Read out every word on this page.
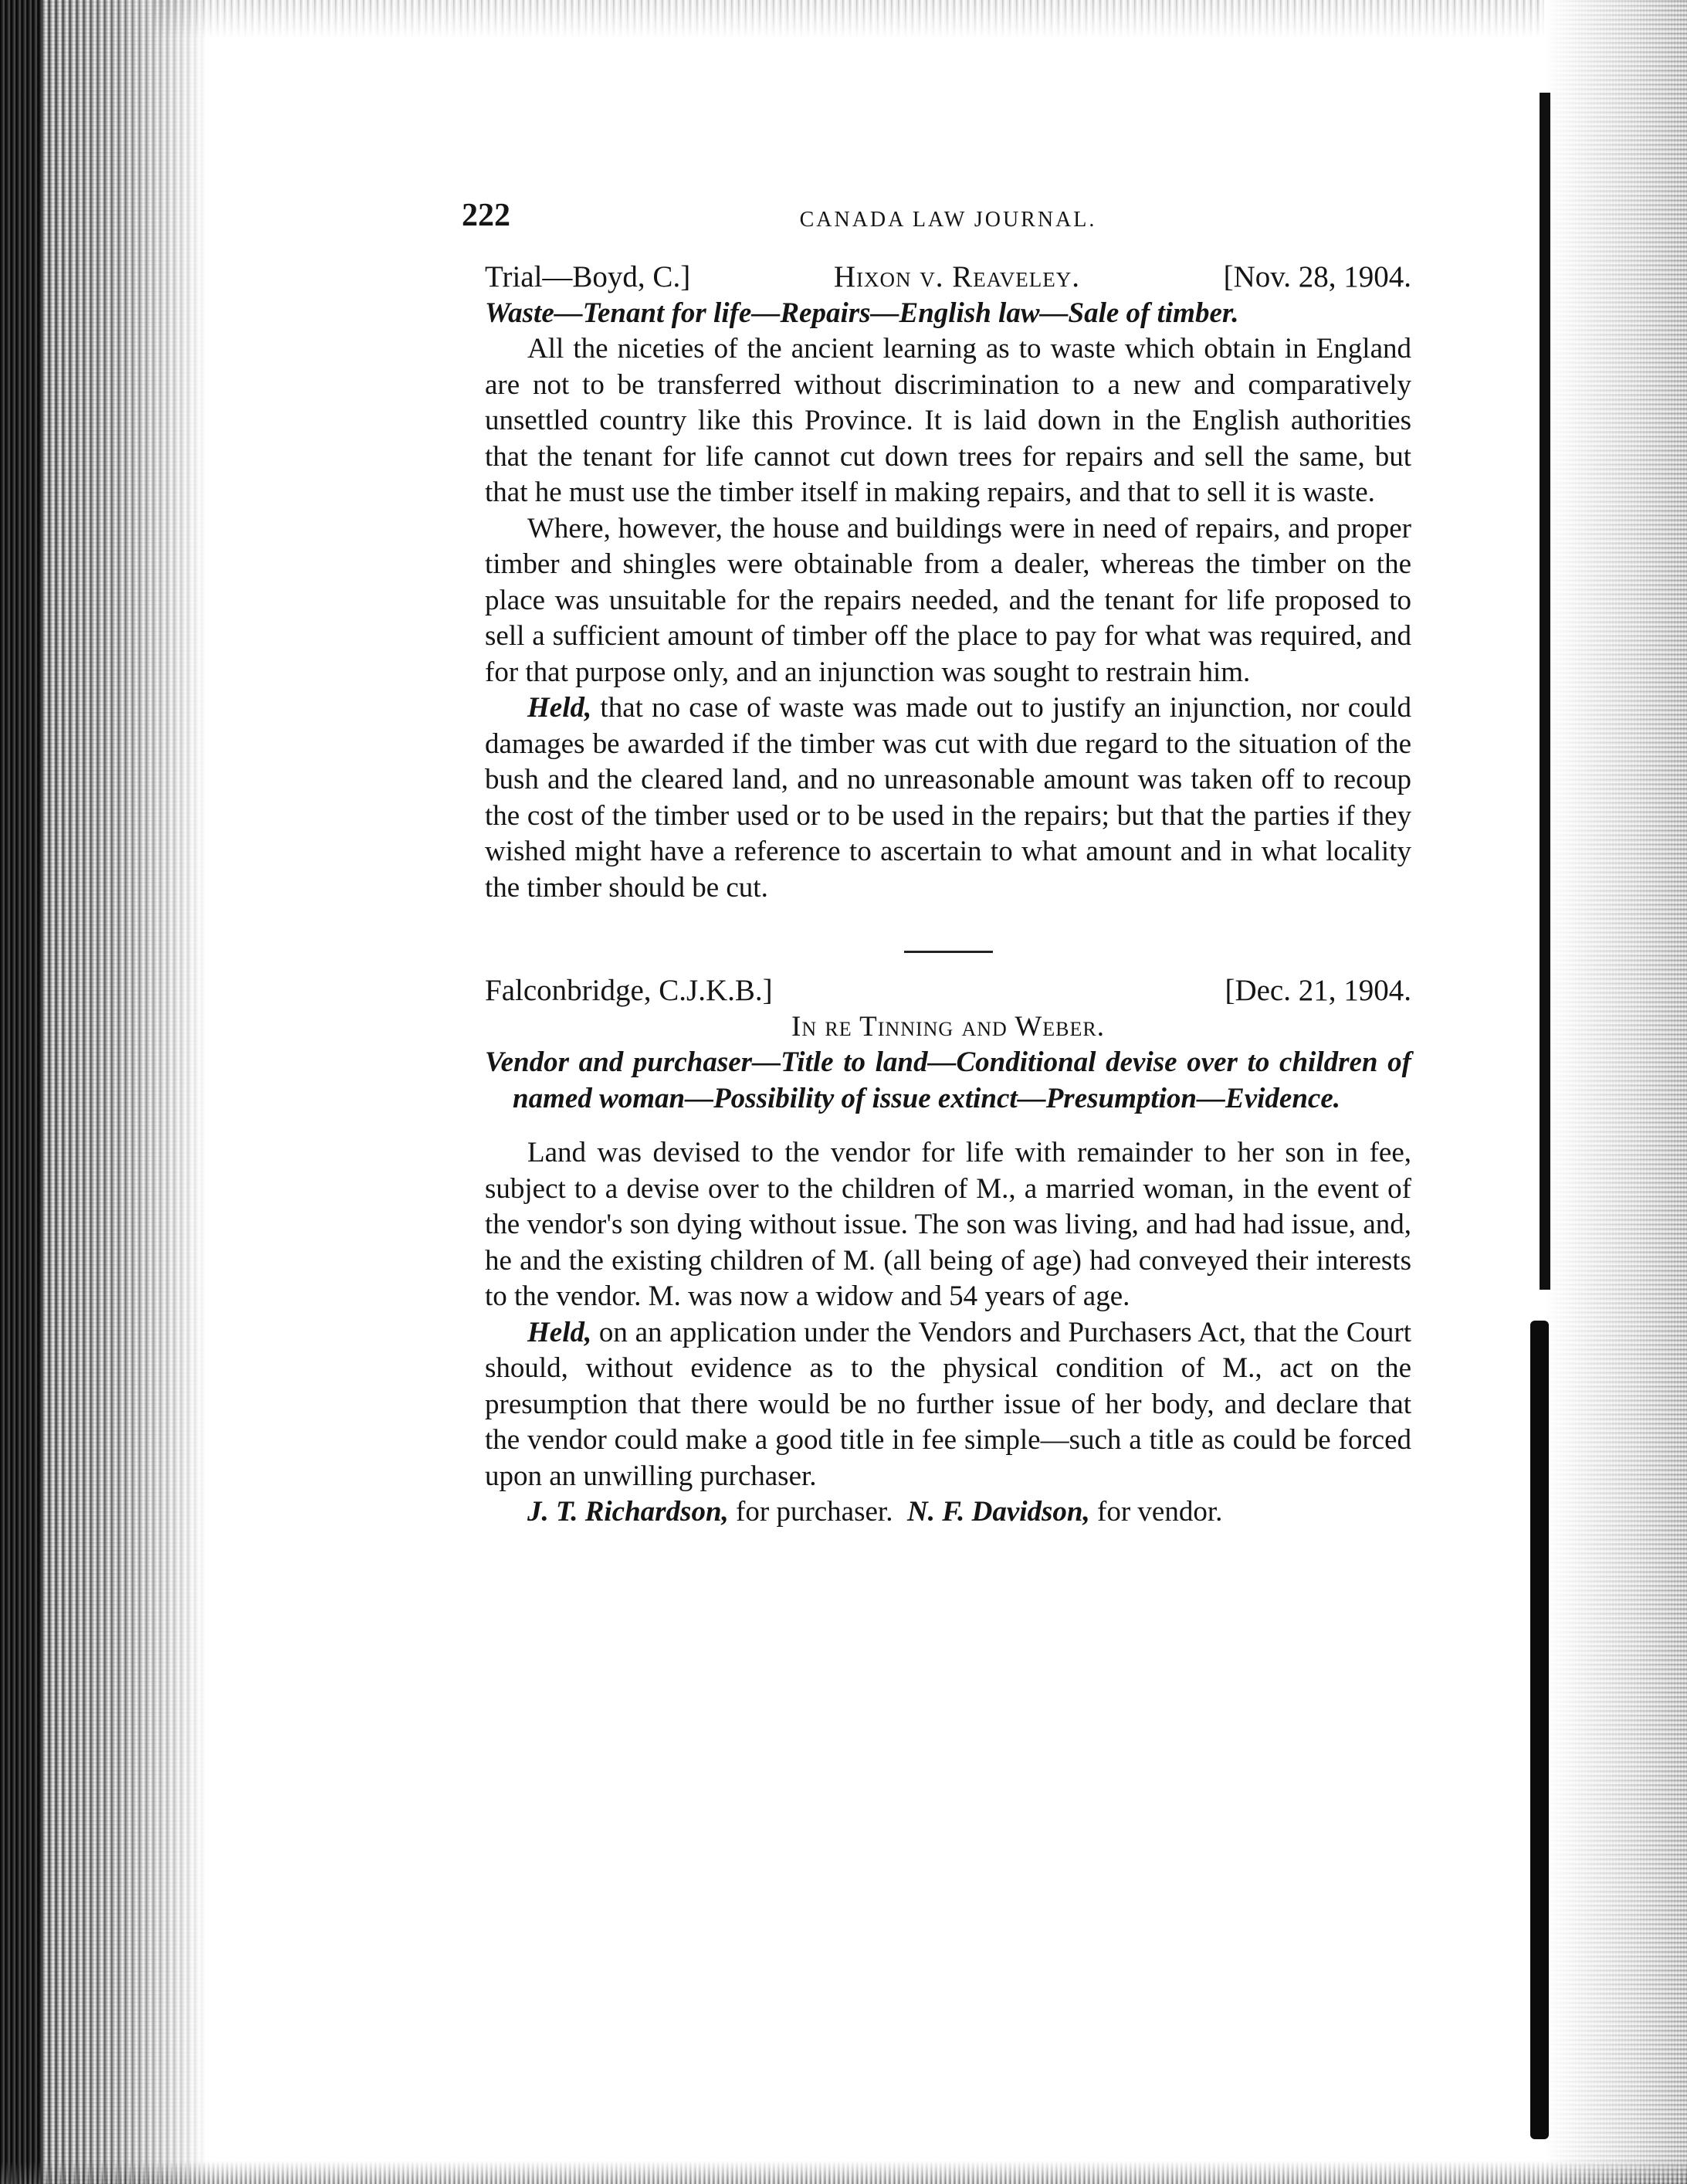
222	CANADA LAW JOURNAL.
Trial—Boyd, C.]	Hixon v. Reaveley.	[Nov. 28, 1904.

Waste—Tenant for life—Repairs—English law—Sale of timber.

All the niceties of the ancient learning as to waste which obtain in England are not to be transferred without discrimination to a new and comparatively unsettled country like this Province. It is laid down in the English authorities that the tenant for life cannot cut down trees for repairs and sell the same, but that he must use the timber itself in making repairs, and that to sell it is waste.

Where, however, the house and buildings were in need of repairs, and proper timber and shingles were obtainable from a dealer, whereas the timber on the place was unsuitable for the repairs needed, and the tenant for life proposed to sell a sufficient amount of timber off the place to pay for what was required, and for that purpose only, and an injunction was sought to restrain him.

Held, that no case of waste was made out to justify an injunction, nor could damages be awarded if the timber was cut with due regard to the situation of the bush and the cleared land, and no unreasonable amount was taken off to recoup the cost of the timber used or to be used in the repairs; but that the parties if they wished might have a reference to ascertain to what amount and in what locality the timber should be cut.

Falconbridge, C.J.K.B.]	[Dec. 21, 1904.

In re Tinning and Weber.

Vendor and purchaser—Title to land—Conditional devise over to children of named woman—Possibility of issue extinct—Presumption—Evidence.

Land was devised to the vendor for life with remainder to her son in fee, subject to a devise over to the children of M., a married woman, in the event of the vendor's son dying without issue. The son was living, and had had issue, and, he and the existing children of M. (all being of age) had conveyed their interests to the vendor. M. was now a widow and 54 years of age.

Held, on an application under the Vendors and Purchasers Act, that the Court should, without evidence as to the physical condition of M., act on the presumption that there would be no further issue of her body, and declare that the vendor could make a good title in fee simple—such a title as could be forced upon an unwilling purchaser.

J. T. Richardson, for purchaser. N. F. Davidson, for vendor.
